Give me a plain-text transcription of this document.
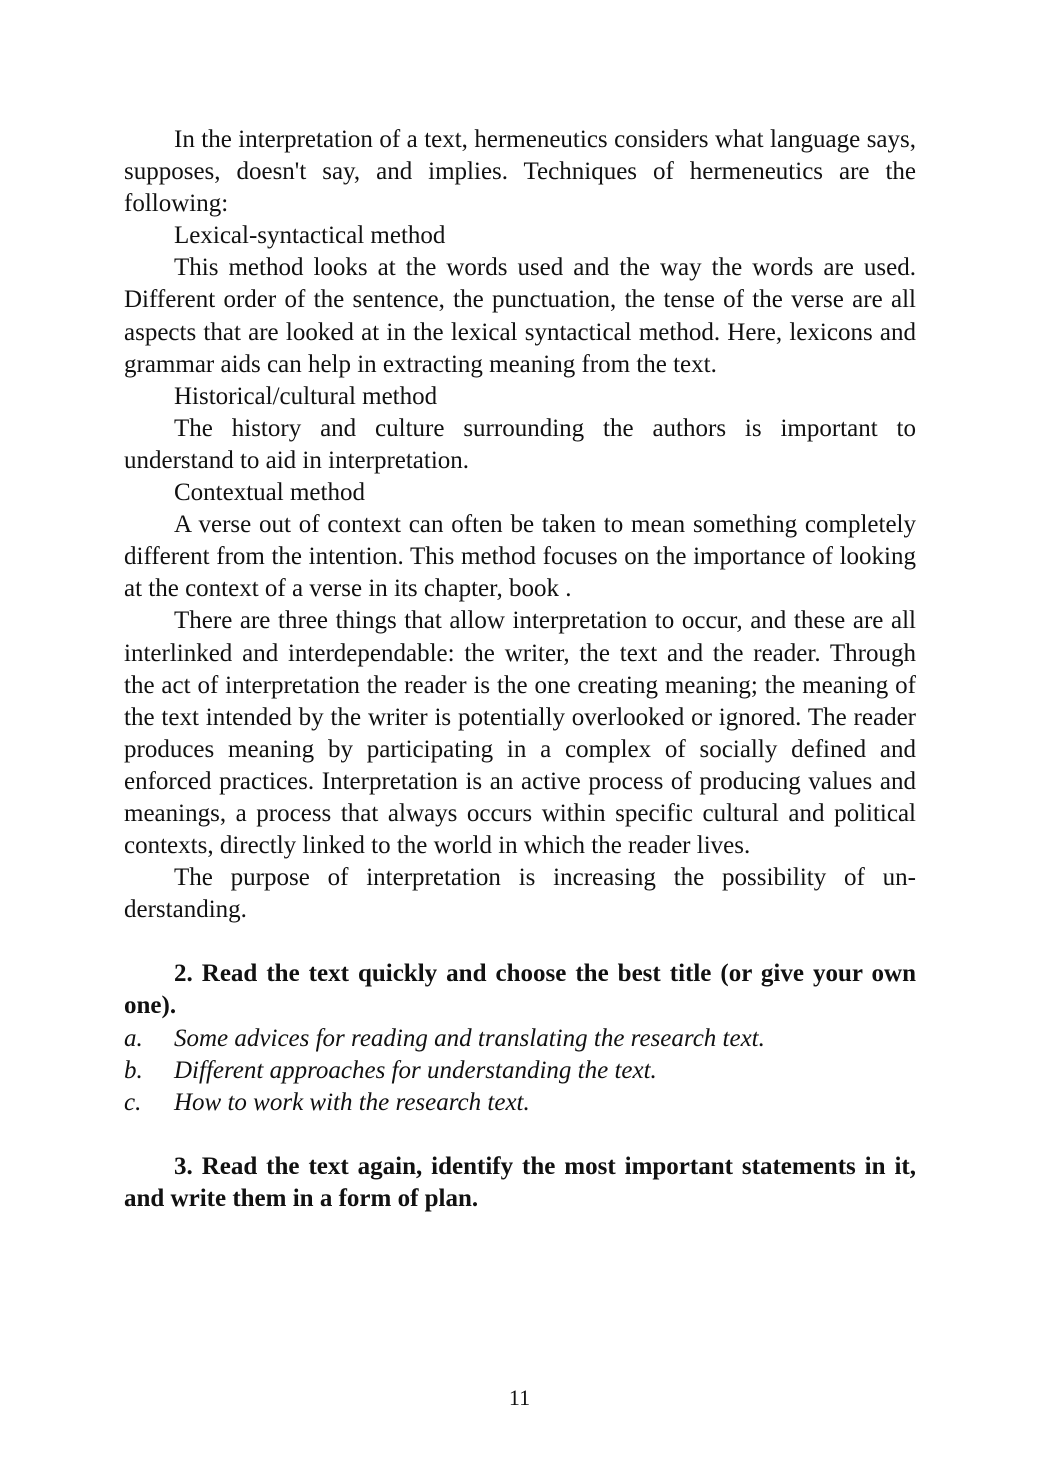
In the interpretation of a text, hermeneutics considers what language says, supposes, doesn't say, and implies. Techniques of hermeneutics are the following:

Lexical-syntactical method

This method looks at the words used and the way the words are used. Different order of the sentence, the punctuation, the tense of the verse are all aspects that are looked at in the lexical syntactical method. Here, lexicons and grammar aids can help in extracting meaning from the text.

Historical/cultural method

The history and culture surrounding the authors is important to understand to aid in interpretation.

Contextual method

A verse out of context can often be taken to mean something completely different from the intention. This method focuses on the importance of looking at the context of a verse in its chapter, book .

There are three things that allow interpretation to occur, and these are all interlinked and interdependable: the writer, the text and the reader. Through the act of interpretation the reader is the one creating meaning; the meaning of the text intended by the writer is potentially overlooked or ignored. The reader produces meaning by participating in a complex of socially defined and enforced practices. Interpretation is an active process of producing values and meanings, a process that always occurs within specific cultural and political contexts, directly linked to the world in which the reader lives.

The purpose of interpretation is increasing the possibility of understanding.

2. Read the text quickly and choose the best title (or give your own one).

a.	Some advices for reading and translating the research text.
b.	Different approaches for understanding the text.
c.	How to work with the research text.

3. Read the text again, identify the most important statements in it, and write them in a form of plan.

11
